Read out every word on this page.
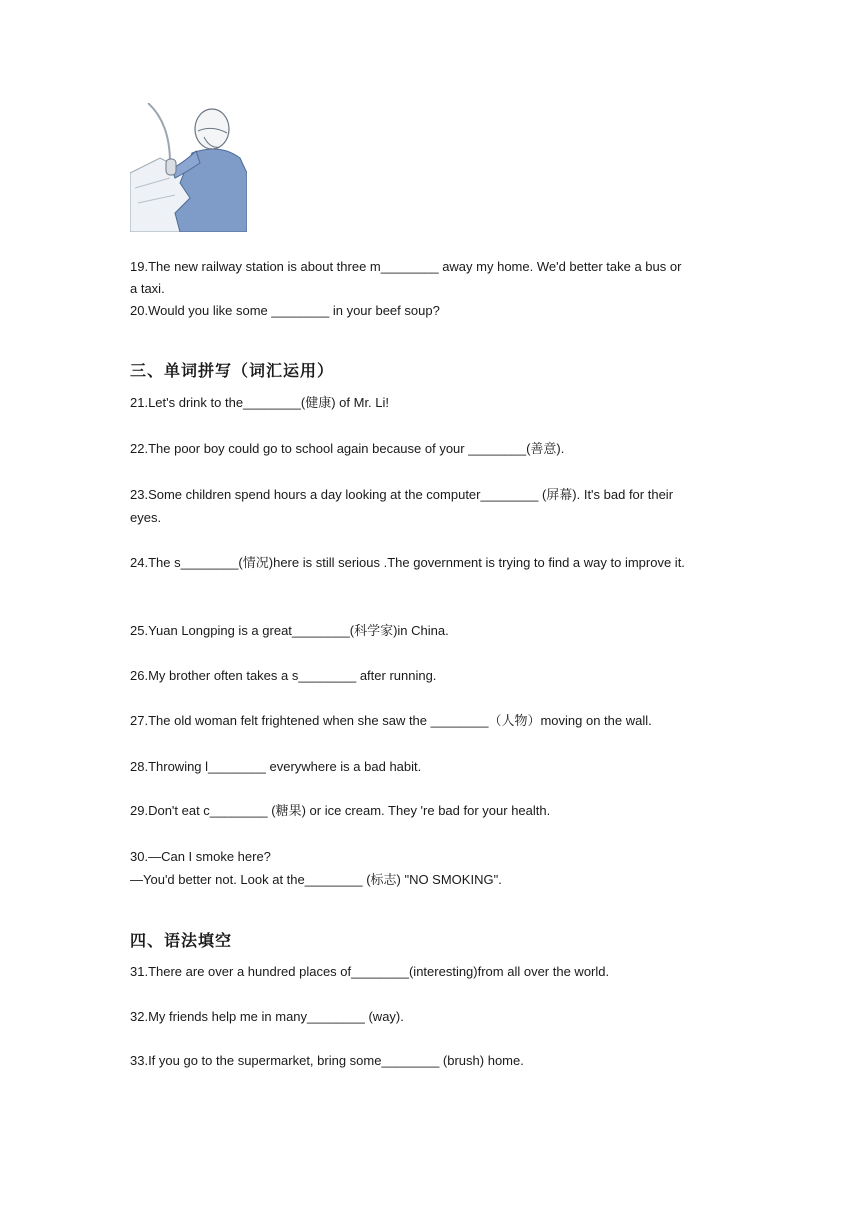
19.The new railway station is about three m________ away my home. We'd better take a bus or
a taxi.
20.Would you like some ________ in your beef soup?
三、单词拼写（词汇运用）
21.Let's drink to the________(健康) of Mr. Li!
22.The poor boy could go to school again because of your ________(善意).
23.Some children spend hours a day looking at the computer________ (屏幕). It's bad for their
eyes.
24.The s________(情况)here is still serious .The government is trying to find a way to improve it.
25.Yuan Longping is a great________(科学家)in China.
26.My brother often takes a s________ after running.
27.The old woman felt frightened when she saw the ________（人物）moving on the wall.
28.Throwing l________ everywhere is a bad habit.
29.Don't eat c________ (糖果) or ice cream. They 're bad for your health.
30.—Can I smoke here?
—You'd better not. Look at the________ (标志) "NO SMOKING".
四、语法填空
31.There are over a hundred places of________(interesting)from all over the world.
32.My friends help me in many________ (way).
33.If you go to the supermarket, bring some________ (brush) home.
